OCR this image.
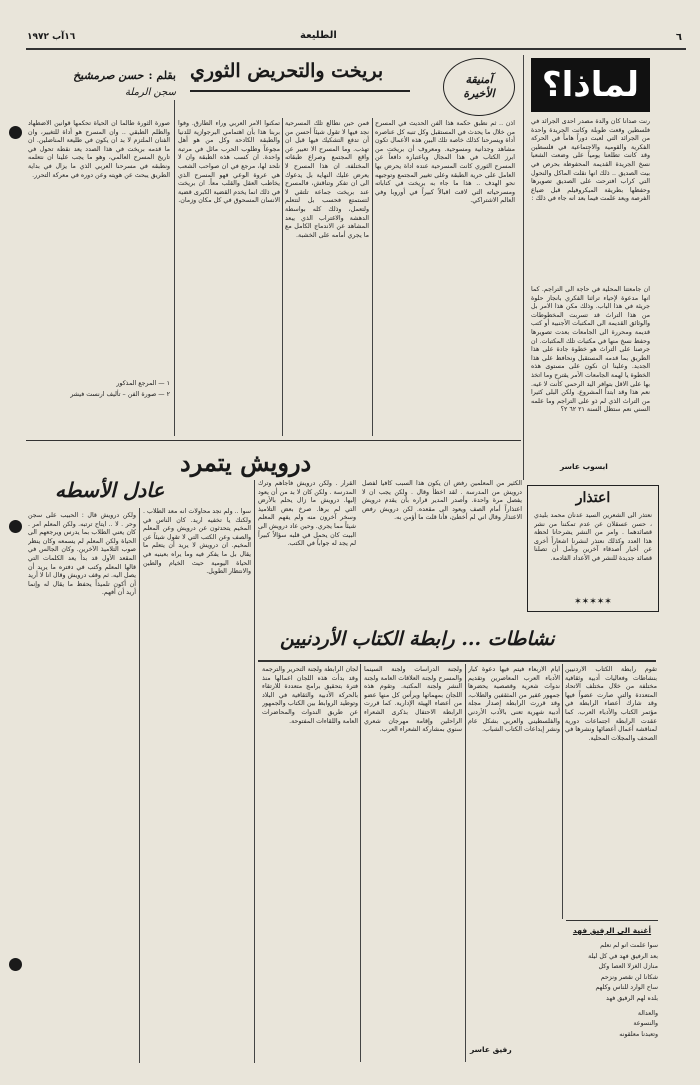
٦
الطليعة
١٦آب ١٩٧٢
لماذا؟

رنت صدانا كان والدة مصدر أحدى الجرائد في فلسطين وقعت طوبلة وكانت الجريدة واحدة من الجرائد التي لعبت دوراً هاماً في الحركة الفكرية والقومية والاجتماعية في فلسطين وقد كانت تطلعنا يومياً على وضعت الشعبا نسخ الجريدة القديمة المحفوظة بحرص في بيت الصديق .. ذلك انها نقلت الماكل والنحول التي كراب افترحت على الصديق تصويرها وحفظها بطريقة الميكروفيلم قبل ضياع الفرصة ويعد علمت فيما بعد انه جاء في ذلك :

ان جامعتنا المحلية في حاجة الى التراجم. كما انها مدعوة لإحياء تراثنا الفكري بانجاز حلوة جريئة في هذا الباب. وذلك مكن هذا الامر بل من هذا التراث قد تسربت المخطوطات والوثائق القديمة الى المكتبات الأجنبية أو كتب قديمة ومحررة الى الجامعات بعدت تصويرها وحفظ نسخ منها في مكتبات تلك المكتبات. ان جرصنا على التراث هو خطوة جادة على هذا الطريق بما قدمه المستقبل ونحافظ على هذا الجديد. وعلينا ان نكون على مستوى هذه الخطوة يا لهمة الجامعات الأمر يقترح وما اتخذ بها على الاقل بتوافر اليد الرحمي كأنت لا غيه. نعم هذا وقد ابتدأ المشروع. ولكن البلى كثيرا من التراث الذي لم ذو على التراجم وما علمه السني نعم ستظل السنة ٢١ ٦٢ ٢؟

ابسوب عاسر
آمنيقة
الأخيرة
بريخت والتحريض الثوري
بقلم : حسن صرمشيخ
سجن الرملة

اذن .. ثم نطبق حكمة هذا الفن الحديث في المسرح من خلال ما يحدث في المستقبل وكل تنبه كل عناصره أداة ويسرحنا كذلك خاصة تلك البين هذه الأعمال تكون مشاهد وجدانية ومسوحية. ومعروف أن بريخت من ابرز الكتاب في هذا المجال وباعتباره دافعاً عن المسرح الثوري كانت المسرحية عنده اداة يحرض بها العامل على حرية الطبقة وعلى تغيير المجتمع وتوجيهه نحو الهدف .. هذا ما جاء به بريخت في كتاباته ومسرحياته التي لاقت اقبالاً كبيراً في أوروبا وفي العالم الاشتراكي.

فمن حين نطالع تلك المسرحية نجد فيها لا تقول شيئاً أحسن من أن تدفع التشكيك فيها قبل ان تهذب. وما المسرح الا تعبير عن واقع المجتمع وصراع طبقاته المختلفة. ان هذا المسرح لا يعرض عليك النهاية بل يدعوك الى ان تفكر وتناقش، فالمسرح عند بريخت جماعة تلتقي لا لتستمتع فحسب بل لتتعلم ولتعمل، وذلك كله بواسطة الدهشة والاغتراب الذي يبعد المشاهد عن الاندماج الكامل مع ما يجري أمامه على الخشبة.

تمكنوا الأمر العربي وراء الطارق. وفوا بربنا هذا بأن اهتمامي البرجوازية للدنيا والطبقة الكادحة وكل من هو أهل مجوعاً وطلوب الحرب مائل في مرتبة واحدة. ان كسب هذه الطبقة وان لا نلحد لها، مرجع في ان صواحب الشعب هي عروة الوعي فهو المسرح الذي يخاطب العقل والقلب معاً. ان بريخت في ذلك انما يخدم القضية الكبرى قضية الانسان المسحوق في كل مكان وزمان.

صورة الثورة طالما ان الحياة تحكمها قوانين الاضطهاد والظلم الطبقي .. وان المسرح هو أداة للتغيير، وان الفنان الملتزم لا بد ان يكون في طليعة المناضلين. ان ما قدمه بريخت في هذا الصدد يعد نقطة تحول في تاريخ المسرح العالمي، وهو ما يجب علينا ان نتعلمه ونطبقه في مسرحنا العربي الذي ما يزال في بداية الطريق يبحث عن هويته وعن دوره في معركة التحرر.

١ — المرجع المذكور

٢ — صورة الفن – تأليف ارنست فيشر

درويش يتمرد
عادل الأسطه

ولكن درويش قال : الحبيب على سجن وحر . لا .. ايتاح ترتبه. ولكن المعلم امر . كان يعني الطلاب بما يدرس ويرجعهم الى الحياة ولكن المعلم لم يسمعه وكان ينظر صوب التلاميذ الآخرين. وكان الجالس في المقعد الأول قد بدأ يعد الكلمات التي قالها المعلم وكتب في دفتره ما يريد أن يصل اليه. ثم وقف درويش وقال انا لا أريد أن أكون تلميذاً يحفظ ما يقال له وإنما أريد أن أفهم.

سوا .. ولم نجد محاولات انه معد الطلاب . ولكنك يا تخفيه اريد. كان الناس في المخيم يتحدثون عن درويش وعن المعلم والصف وعن الكتب التي لا تقول شيئاً عن المخيم. ان درويش لا يريد أن يتعلم ما يقال بل ما يفكر فيه وما يراه بعينيه في الحياة اليومية حيث الخيام والطين والانتظار الطويل.

القرار . ولكن درويش فاجأهم وترك المدرسة . ولكن كان لا بد من أن يعود إليها. درويش ما زال يحلم بالأرض التي لم يرها. صرخ بعض التلاميذ وسخر آخرون منه ولم يفهم المعلم شيئاً مما يجري. وحين عاد درويش الى البيت كان يحمل في قلبه سؤالاً كبيراً لم يجد له جواباً في الكتب.

الكثير من المعلمين رفض ان يكون هذا السبب كافياً لفصل درويش من المدرسة . لقد اخطأ وقال . ولكن يجب ان لا يفصل مرة واحدة. وأصدر المدير قراره بأن يقدم درويش اعتذاراً أمام الصف ويعود الى مقعده. لكن درويش رفض الاعتذار وقال اني لم أخطئ، فأنا قلت ما أؤمن به.

اعتذار

نعتذر الى الشعرين السيد عدنان محمد بليدي ، حسن عسقلان عن عدم تمكننا من نشر قصائدهما . وامر من النشر يشرحانا لحظة هذا العدد وكذلك نعتذر لنشرنا اشعاراً أخرى عن أخبار أصدقاء آخرين ونأمل أن تصلنا قصائد جديدة للنشر في الأعداد القادمة.

✶✶✶✶✶
نشاطات ... رابطة الكتاب الأردنيين

تقوم رابطة الكتاب الأردنيين بنشاطات وفعاليات أدبية وثقافية مختلفة من خلال مختلف الاتحاد المتعددة والتي صارت عضواً فيها وقد شارك أعضاء الرابطة في مؤتمر الكتاب والأدباء العرب. كما عقدت الرابطة اجتماعات دورية لمناقشة أعمال أعضائها ونشرها في الصحف والمجلات المحلية.

أيام الاربعاء فيتم فيها دعوة كبار الأدباء العرب المعاصرين وتقديم ندوات شعرية وقصصية يحضرها جمهور غفير من المثقفين والطلاب، وقد قررت الرابطة إصدار مجلة أدبية شهرية تعنى بالأدب الأردني والفلسطيني والعربي بشكل عام ونشر إبداعات الكتاب الشباب.

ولجنة الدراسات ولجنة السينما والمسرح ولجنة العلاقات العامة ولجنة النشر ولجنة المكتبة. وتقوم هذه اللجان بمهماتها ويرأس كل منها عضو من أعضاء الهيئة الإدارية. كما قررت الرابطة الاحتفال بذكرى الشعراء الراحلين وإقامة مهرجان شعري سنوي بمشاركة الشعراء العرب.

لجان الرابطة ولجنة التحرير والترجمة وقد بدأت هذه اللجان اعمالها منذ فترة بتحقيق برامج متعددة للارتقاء بالحركة الأدبية والثقافية في البلاد وتوطيد الروابط بين الكتاب والجمهور عن طريق الندوات والمحاضرات العامة واللقاءات المفتوحة.

رفيق عاسر
أغنية الى الرفيق فهد

سوا علمت انو لم نعلم

بعد الرفيق فهد في كل ليلة

منازل الغزلا العصا وكل

شكانا لن نقصر ونزحم

ساح الوارد للناس وكلهم

بلده لهم الرفيق فهد

والعدالة

والنسوعة

وتعبدنا معلقونه
